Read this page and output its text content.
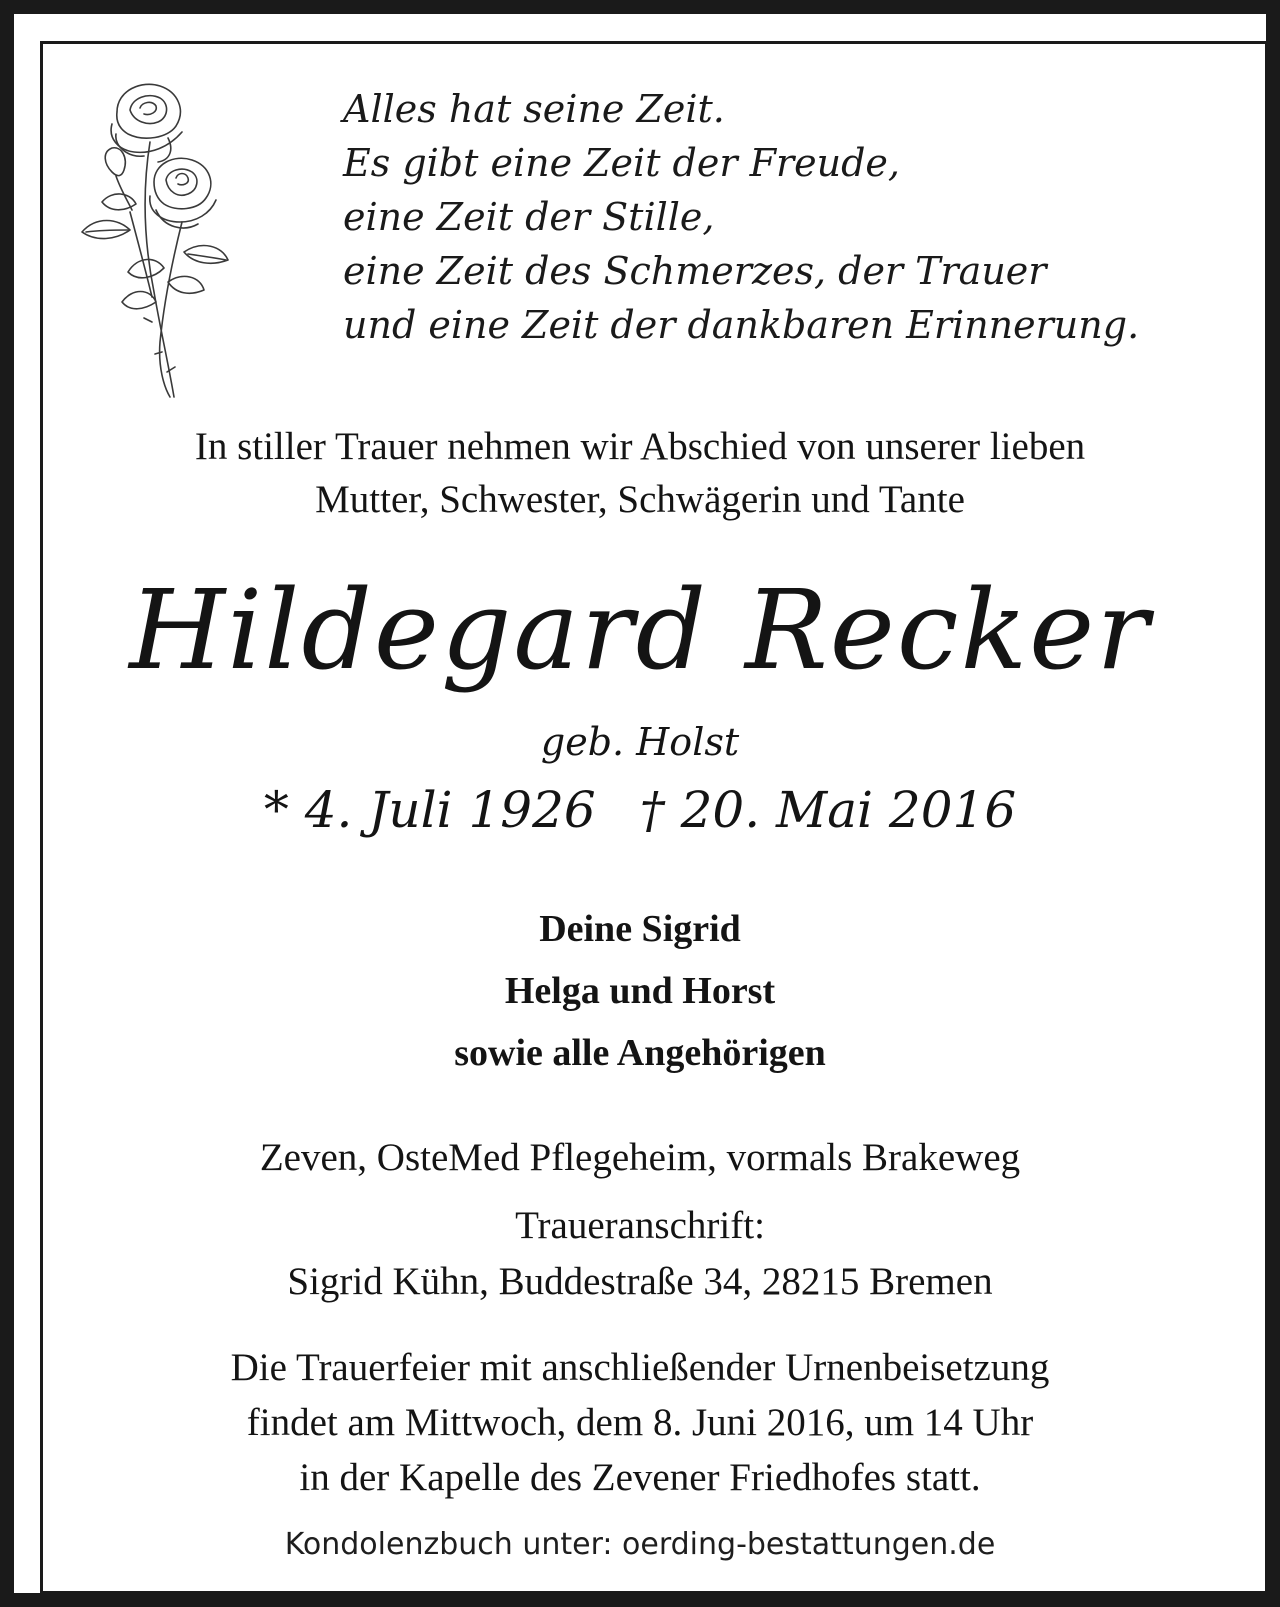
Alles hat seine Zeit.
Es gibt eine Zeit der Freude,
eine Zeit der Stille,
eine Zeit des Schmerzes, der Trauer
und eine Zeit der dankbaren Erinnerung.
In stiller Trauer nehmen wir Abschied von unserer lieben
Mutter, Schwester, Schwägerin und Tante
Hildegard Recker
geb. Holst
* 4. Juli 1926 † 20. Mai 2016
Deine Sigrid
Helga und Horst
sowie alle Angehörigen
Zeven, OsteMed Pflegeheim, vormals Brakeweg
Traueranschrift:
Sigrid Kühn, Buddestraße 34, 28215 Bremen
Die Trauerfeier mit anschließender Urnenbeisetzung
findet am Mittwoch, dem 8. Juni 2016, um 14 Uhr
in der Kapelle des Zevener Friedhofes statt.
Kondolenzbuch unter: oerding-bestattungen.de
